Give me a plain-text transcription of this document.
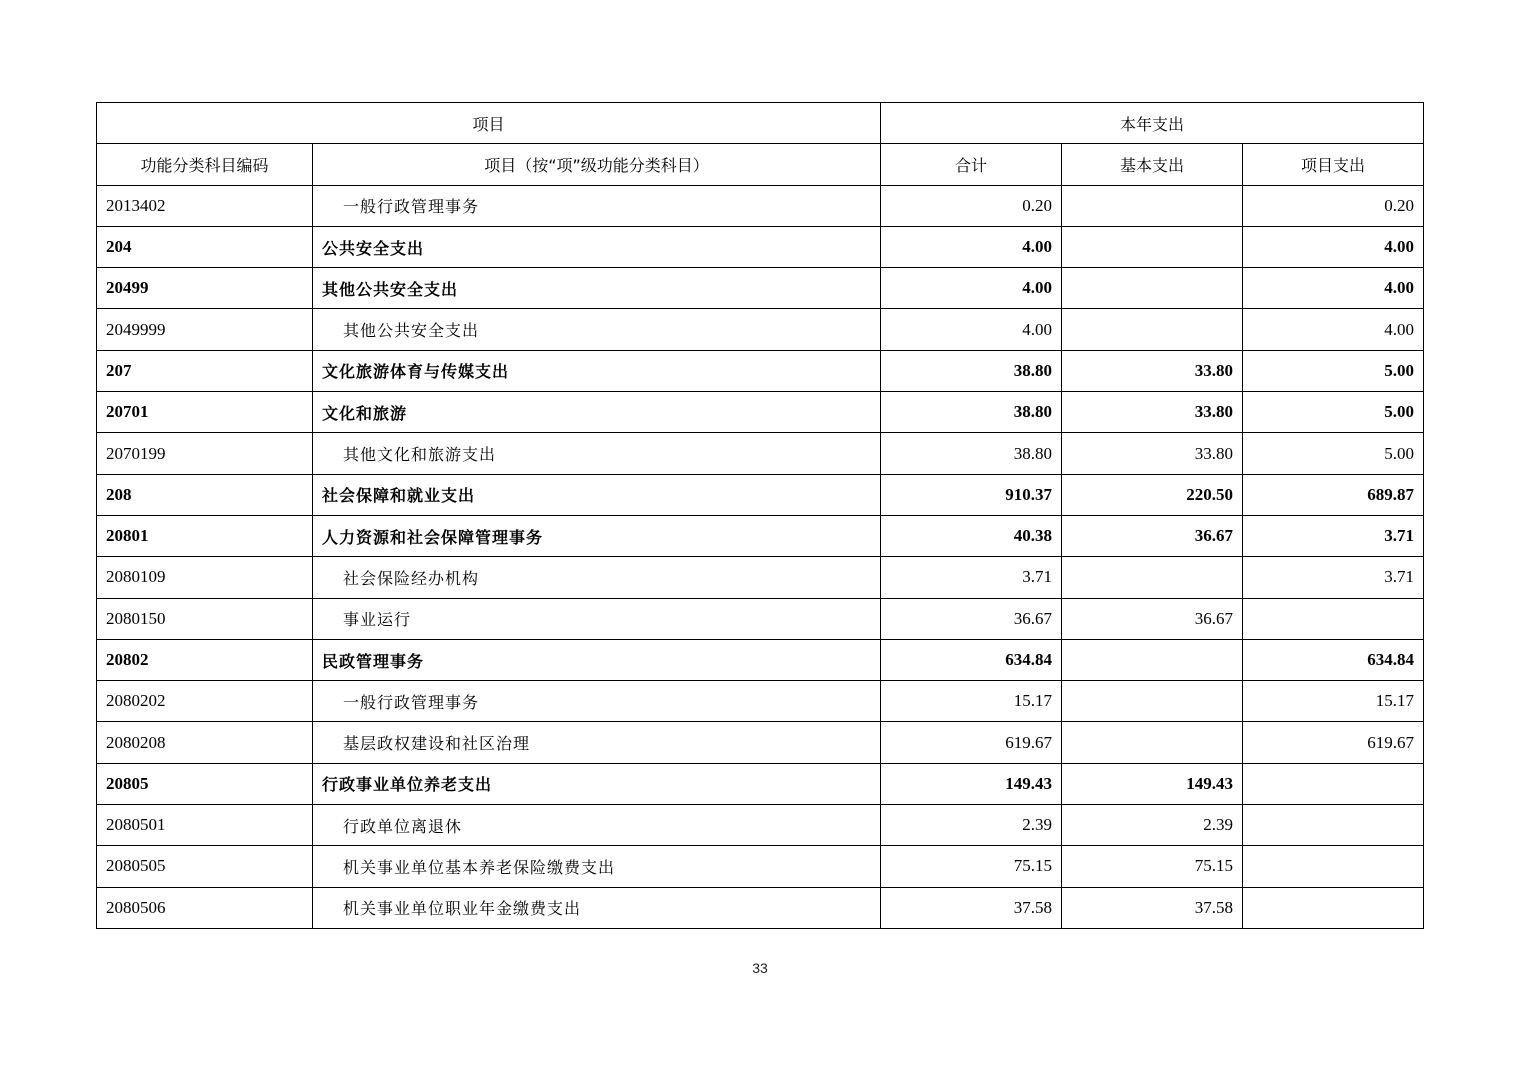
项目		本年支出		
功能分类科目编码	项目（按“项”级功能分类科目）	合计	基本支出	项目支出
2013402	一般行政管理事务	0.20		0.20
204	公共安全支出	4.00		4.00
20499	其他公共安全支出	4.00		4.00
2049999	其他公共安全支出	4.00		4.00
207	文化旅游体育与传媒支出	38.80	33.80	5.00
20701	文化和旅游	38.80	33.80	5.00
2070199	其他文化和旅游支出	38.80	33.80	5.00
208	社会保障和就业支出	910.37	220.50	689.87
20801	人力资源和社会保障管理事务	40.38	36.67	3.71
2080109	社会保险经办机构	3.71		3.71
2080150	事业运行	36.67	36.67	
20802	民政管理事务	634.84		634.84
2080202	一般行政管理事务	15.17		15.17
2080208	基层政权建设和社区治理	619.67		619.67
20805	行政事业单位养老支出	149.43	149.43	
2080501	行政单位离退休	2.39	2.39	
2080505	机关事业单位基本养老保险缴费支出	75.15	75.15	
2080506	机关事业单位职业年金缴费支出	37.58	37.58	
33
